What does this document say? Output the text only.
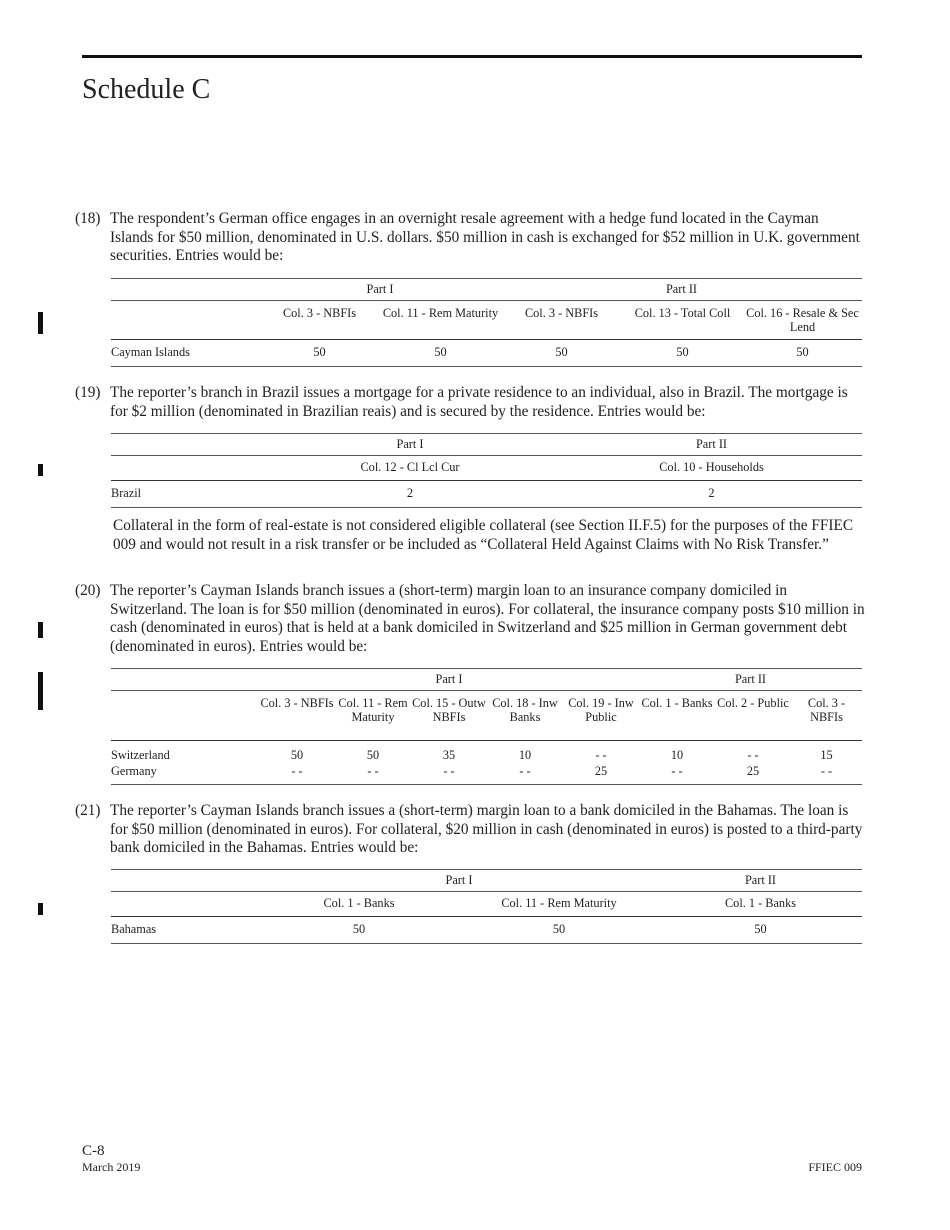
Schedule C
(18) The respondent’s German office engages in an overnight resale agreement with a hedge fund located in the Cayman Islands for $50 million, denominated in U.S. dollars. $50 million in cash is exchanged for $52 million in U.K. government securities. Entries would be:
	Part I		Part II		
	Col. 3 - NBFIs	Col. 11 - Rem Maturity	Col. 3 - NBFIs	Col. 13 - Total Coll	Col. 16 - Resale & Sec Lend
Cayman Islands	50	50	50	50	50
(19) The reporter’s branch in Brazil issues a mortgage for a private residence to an individual, also in Brazil. The mortgage is for $2 million (denominated in Brazilian reais) and is secured by the residence. Entries would be:
	Part I	Part II
	Col. 12 - Cl Lcl Cur	Col. 10 - Households
Brazil	2	2
Collateral in the form of real-estate is not considered eligible collateral (see Section II.F.5) for the purposes of the FFIEC 009 and would not result in a risk transfer or be included as “Collateral Held Against Claims with No Risk Transfer.”
(20) The reporter’s Cayman Islands branch issues a (short-term) margin loan to an insurance company domiciled in Switzerland. The loan is for $50 million (denominated in euros). For collateral, the insurance company posts $10 million in cash (denominated in euros) that is held at a bank domiciled in Switzerland and $25 million in German government debt (denominated in euros). Entries would be:
	Part I					Part II		
	Col. 3 - NBFIs	Col. 11 - Rem Maturity	Col. 15 - Outw NBFIs	Col. 18 - Inw Banks	Col. 19 - Inw Public	Col. 1 - Banks	Col. 2 - Public	Col. 3 - NBFIs
Switzerland	50	50	35	10	- -	10	- -	15
Germany	- -	- -	- -	- -	25	- -	25	- -
(21) The reporter’s Cayman Islands branch issues a (short-term) margin loan to a bank domiciled in the Bahamas. The loan is for $50 million (denominated in euros). For collateral, $20 million in cash (denominated in euros) is posted to a third-party bank domiciled in the Bahamas. Entries would be:
	Part I		Part II
	Col. 1 - Banks	Col. 11 - Rem Maturity	Col. 1 - Banks
Bahamas	50	50	50
C-8
March 2019	FFIEC 009
